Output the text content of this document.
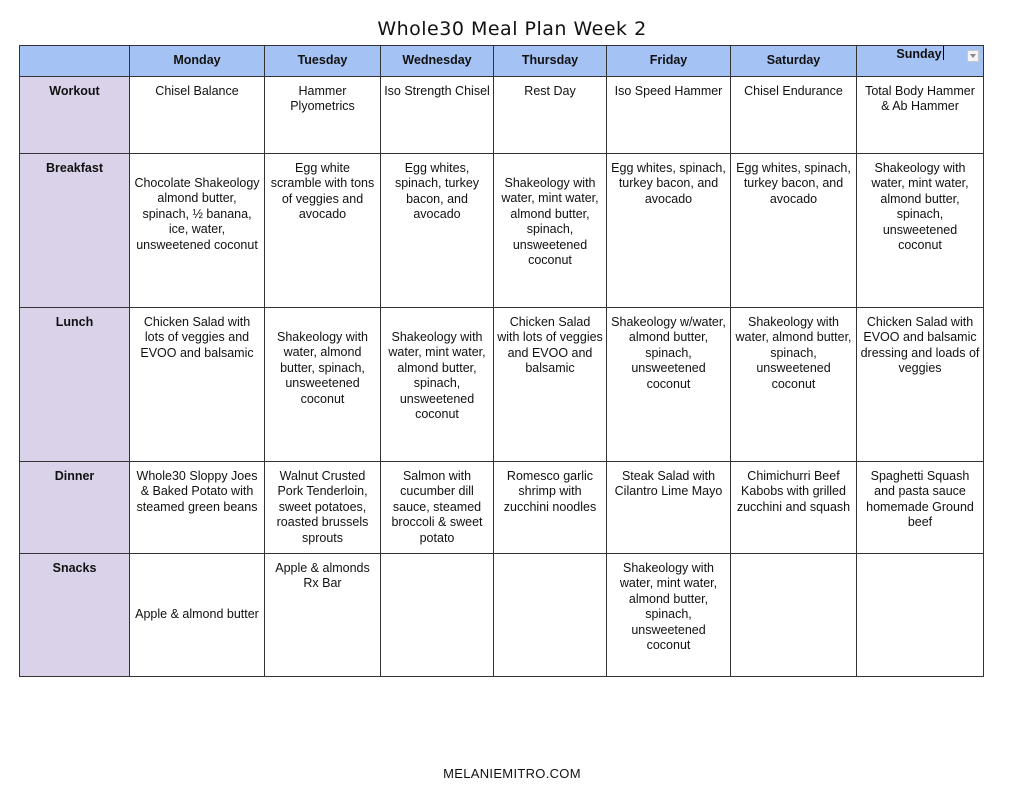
Whole30 Meal Plan Week 2
	Monday	Tuesday	Wednesday	Thursday	Friday	Saturday	Sunday

Workout	Chisel Balance	Hammer Plyometrics	Iso Strength Chisel	Rest Day	Iso Speed Hammer	Chisel Endurance	Total Body Hammer & Ab Hammer
Breakfast	Chocolate Shakeology almond butter, spinach, ½ banana, ice, water, unsweetened coconut	Egg white scramble with tons of veggies and avocado	Egg whites, spinach, turkey bacon, and avocado	Shakeology with water, mint water, almond butter, spinach, unsweetened coconut	Egg whites, spinach, turkey bacon, and avocado	Egg whites, spinach, turkey bacon, and avocado	Shakeology with water, mint water, almond butter, spinach, unsweetened coconut
Lunch	Chicken Salad with lots of veggies and EVOO and balsamic	Shakeology with water, almond butter, spinach, unsweetened coconut	Shakeology with water, mint water, almond butter, spinach, unsweetened coconut	Chicken Salad with lots of veggies and EVOO and balsamic	Shakeology w/water, almond butter, spinach, unsweetened coconut	Shakeology with water, almond butter, spinach, unsweetened coconut	Chicken Salad with EVOO and balsamic dressing and loads of veggies
Dinner	Whole30 Sloppy Joes & Baked Potato with steamed green beans	Walnut Crusted Pork Tenderloin, sweet potatoes, roasted brussels sprouts	Salmon with cucumber dill sauce, steamed broccoli & sweet potato	Romesco garlic shrimp with zucchini noodles	Steak Salad with Cilantro Lime Mayo	Chimichurri Beef Kabobs with grilled zucchini and squash	Spaghetti Squash and pasta sauce homemade Ground beef
Snacks	Apple & almond butter	Apple & almonds Rx Bar			Shakeology with water, mint water, almond butter, spinach, unsweetened coconut		
MELANIEMITRO.COM
